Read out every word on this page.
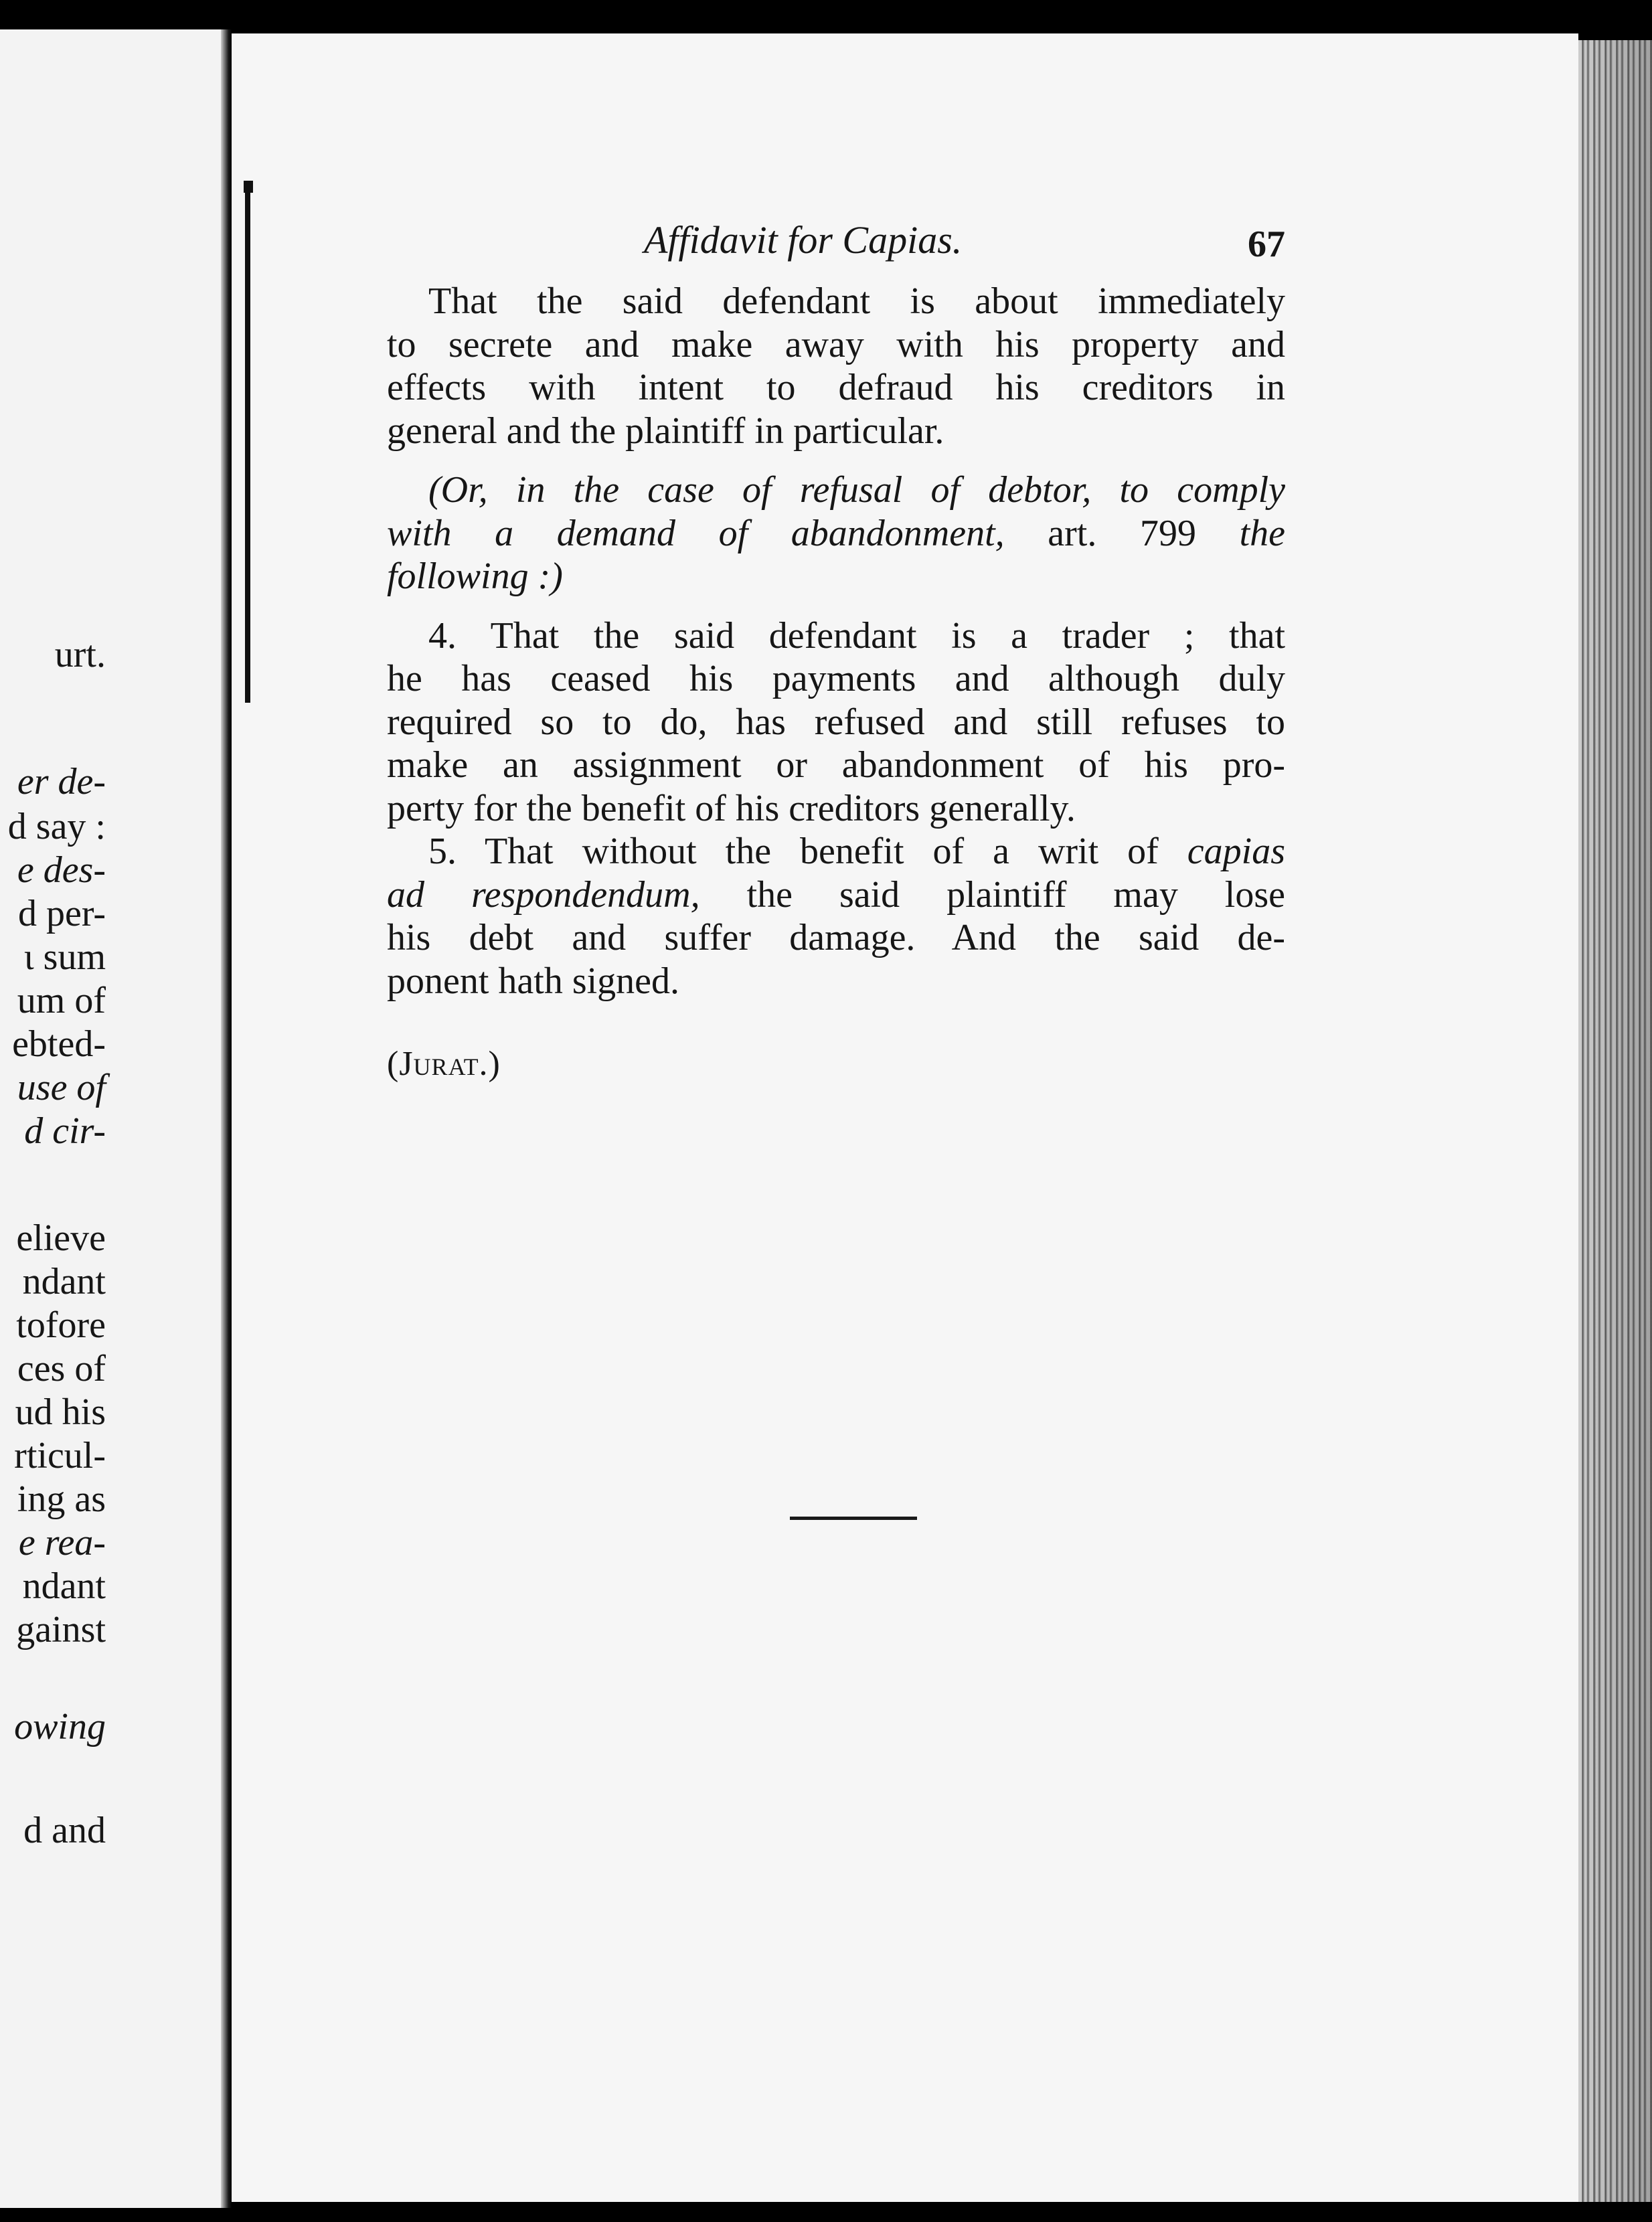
urt.

er de-

d say :

e des-

d per-

ι sum

um of

ebted-

use of

d cir-

elieve

ndant

tofore

ces of

ud his

rticul-

ing as

e rea-

ndant

gainst

owing

d and

Affidavit for Capias.	67

That the said defendant is about immediately
to secrete and make away with his property and
effects with intent to defraud his creditors in
general and the plaintiff in particular.

(Or, in the case of refusal of debtor, to comply
with a demand of abandonment, art. 799 the
following :)

4. That the said defendant is a trader ; that
he has ceased his payments and although duly
required so to do, has refused and still refuses to
make an assignment or abandonment of his pro-
perty for the benefit of his creditors generally.

5. That without the benefit of a writ of capias
ad respondendum, the said plaintiff may lose
his debt and suffer damage. And the said de-
ponent hath signed.

(Jurat.)
